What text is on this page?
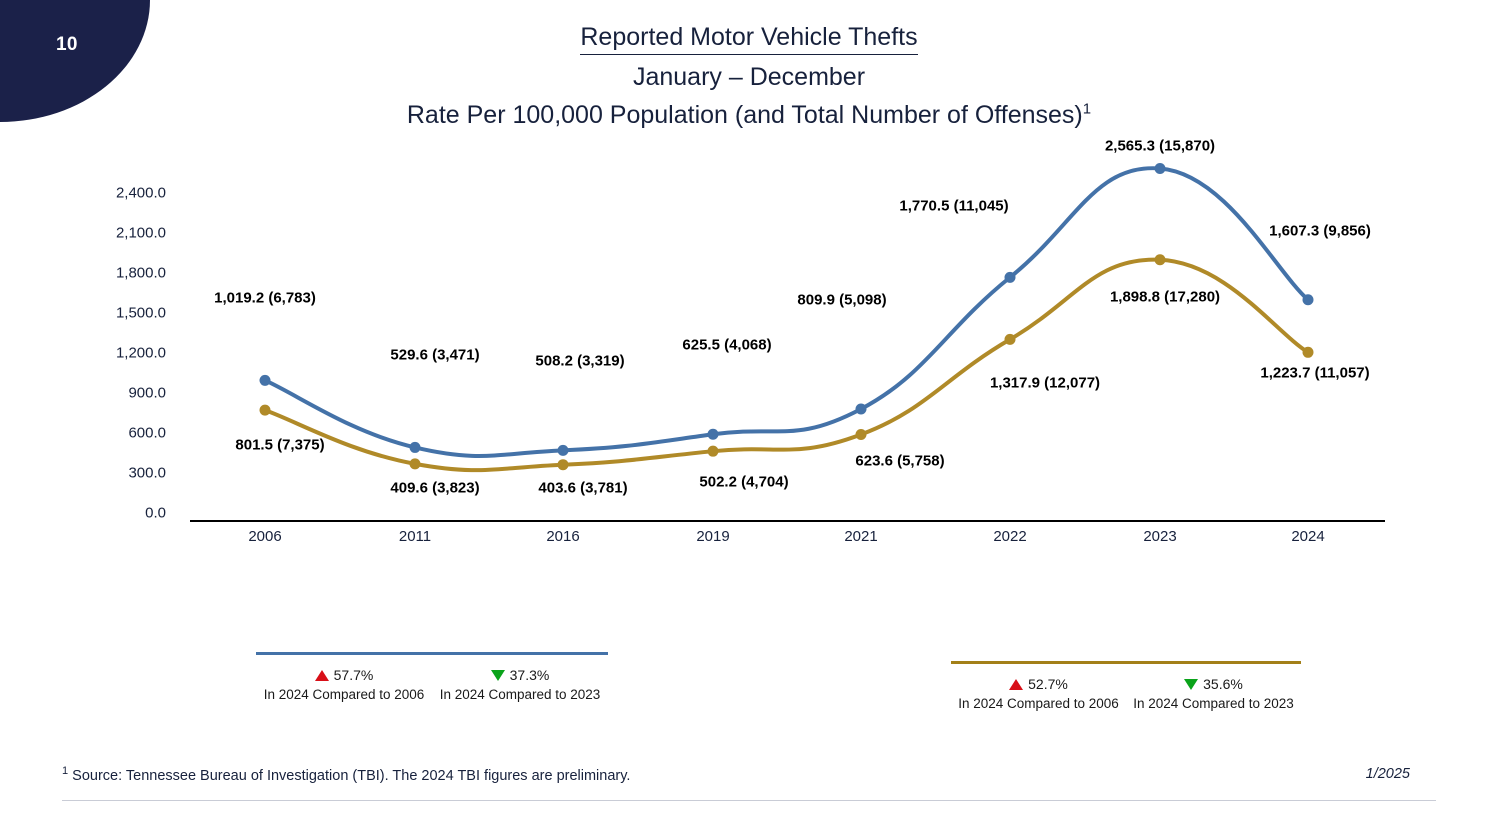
10	Reported Motor Vehicle Thefts
January – December
Rate Per 100,000 Population (and Total Number of Offenses)$^1$
0.0
300.0
600.0
900.0
1,200.0
1,500.0
1,800.0
2,100.0
2,400.0
1,019.2 (6,783)
529.6 (3,471)	508.2 (3,319)
625.5 (4,068)
809.9 (5,098)
1,770.5 (11,045)
2,565.3 (15,870)
1,607.3 (9,856)
801.5 (7,375)
409.6 (3,823)	403.6 (3,781)	502.2 (4,704)
623.6 (5,758)
1,317.9 (12,077)
1,898.8 (17,280)
1,223.7 (11,057)
2006	2011	2016	2019	2021	2022	2023	2024
57.7%
In 2024 Compared to 2006
37.3%
In 2024 Compared to 2023
52.7%
In 2024 Compared to 2006
35.6%
In 2024 Compared to 2023
$^1$ Source: Tennessee Bureau of Investigation (TBI). The 2024 TBI figures are preliminary.	1/2025
